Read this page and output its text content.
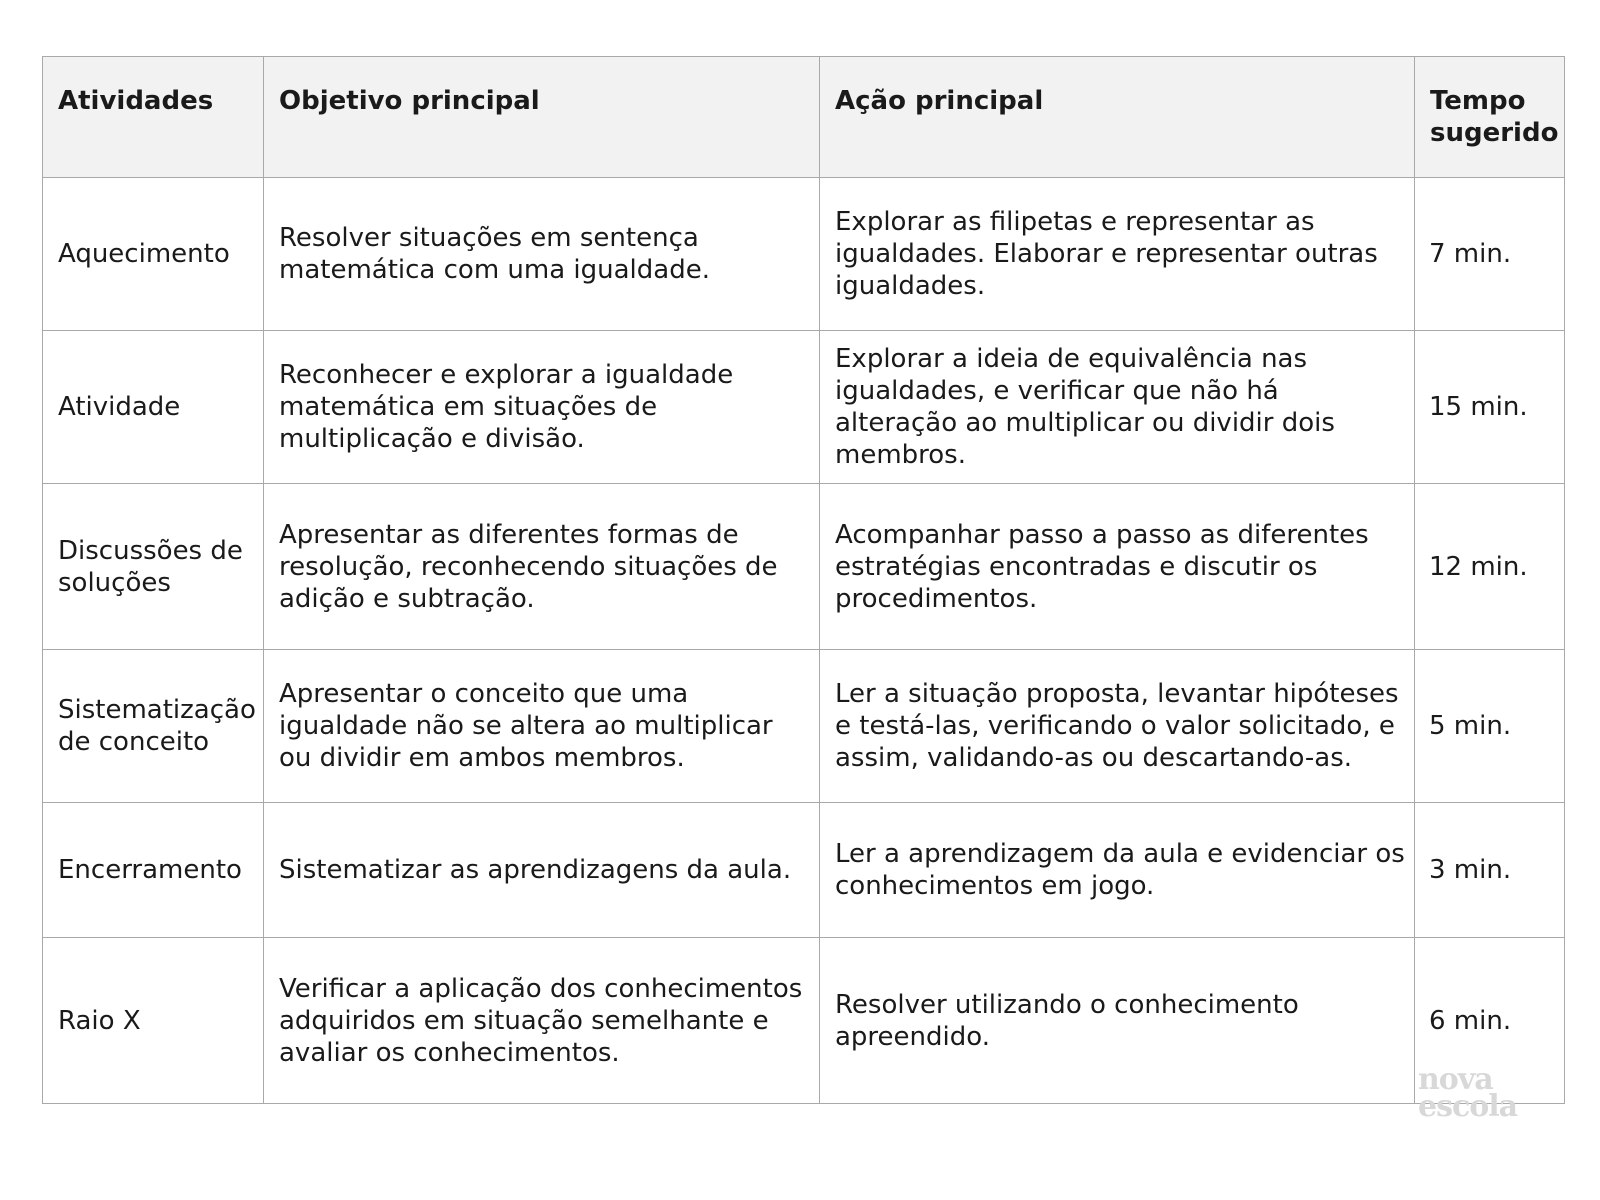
Atividades	Objetivo principal	Ação principal	Tempo sugerido
Aquecimento	Resolver situações em sentença matemática com uma igualdade.	Explorar as filipetas e representar as igualdades. Elaborar e representar outras igualdades.	7 min.
Atividade	Reconhecer e explorar a igualdade matemática em situações de multiplicação e divisão.	Explorar a ideia de equivalência nas igualdades, e verificar que não há alteração ao multiplicar ou dividir dois membros.	15 min.
Discussões de soluções	Apresentar as diferentes formas de resolução, reconhecendo situações de adição e subtração.	Acompanhar passo a passo as diferentes estratégias encontradas e discutir os procedimentos.	12 min.
Sistematização de conceito	Apresentar o conceito que uma igualdade não se altera ao multiplicar ou dividir em ambos membros.	Ler a situação proposta, levantar hipóteses e testá-las, verificando o valor solicitado, e assim, validando-as ou descartando-as.	5 min.
Encerramento	Sistematizar as aprendizagens da aula.	Ler a aprendizagem da aula e evidenciar os conhecimentos em jogo.	3 min.
Raio X	Verificar a aplicação dos conhecimentos adquiridos em situação semelhante e avaliar os conhecimentos.	Resolver utilizando o conhecimento apreendido.	6 min.
nova
escola
